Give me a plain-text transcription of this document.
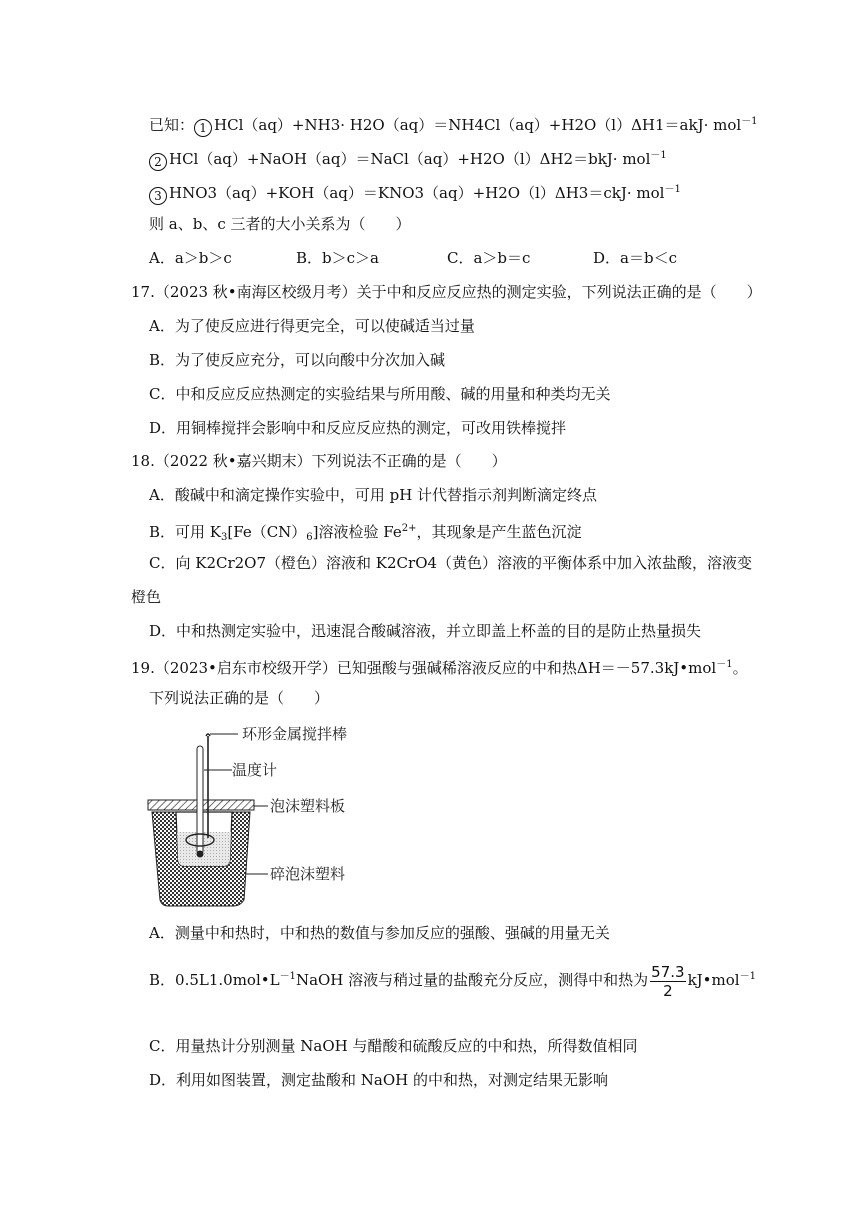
已知： 1 HCl（aq）+NH3· H2O（aq）＝NH4Cl（aq）+H2O（l）ΔH1＝akJ· mol$^{-1}$
2 HCl（aq）+NaOH（aq）＝NaCl（aq）+H2O（l）ΔH2＝bkJ· mol$^{-1}$
3 HNO3（aq）+KOH（aq）＝KNO3（aq）+H2O（l）ΔH3＝ckJ· mol$^{-1}$
则 a、b、c 三者的大小关系为（　　）
A．a＞b＞c	B．b＞c＞a	C．a＞b＝c	D．a＝b＜c
17.（2023 秋•南海区校级月考）关于中和反应反应热的测定实验，下列说法正确的是（　　）
A．为了使反应进行得更完全，可以使碱适当过量
B．为了使反应充分，可以向酸中分次加入碱
C．中和反应反应热测定的实验结果与所用酸、碱的用量和种类均无关
D．用铜棒搅拌会影响中和反应反应热的测定，可改用铁棒搅拌
18.（2022 秋•嘉兴期末）下列说法不正确的是（　　）
A．酸碱中和滴定操作实验中，可用 pH 计代替指示剂判断滴定终点
B．可用 $K_3[Fe(CN)_6]$溶液检验 $Fe^{2+}$，其现象是产生蓝色沉淀
C．向 K2Cr2O7（橙色）溶液和 K2CrO4（黄色）溶液的平衡体系中加入浓盐酸，溶液变
橙色
D．中和热测定实验中，迅速混合酸碱溶液，并立即盖上杯盖的目的是防止热量损失
19.（2023•启东市校级开学）已知强酸与强碱稀溶液反应的中和热ΔH＝－57.3kJ•mol$^{-1}$。
下列说法正确的是（　　）
环形金属搅拌棒
温度计
泡沫塑料板
碎泡沫塑料
A．测量中和热时，中和热的数值与参加反应的强酸、强碱的用量无关
B．$0.5L1.0mol•L^{-1}NaOH$ 溶液与稍过量的盐酸充分反应，测得中和热为 $\frac{57.3}{2}$ kJ•mol$^{-1}$
C．用量热计分别测量 NaOH 与醋酸和硫酸反应的中和热，所得数值相同
D．利用如图装置，测定盐酸和 NaOH 的中和热，对测定结果无影响
